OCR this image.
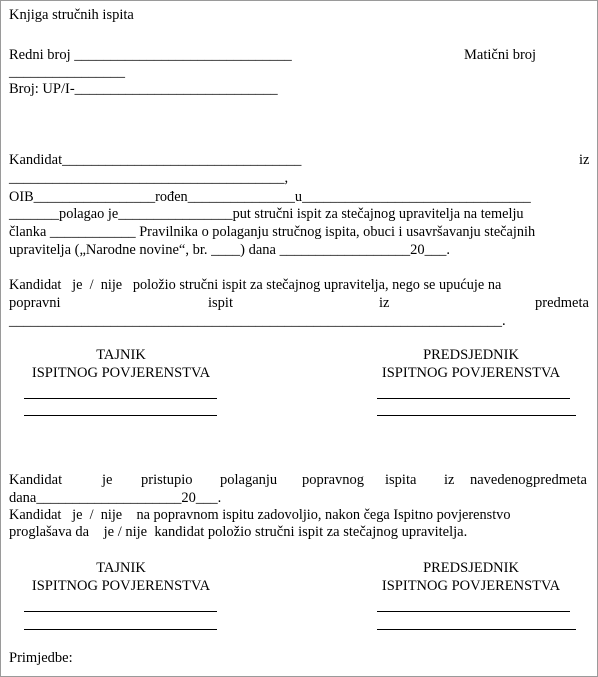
Knjiga stručnih ispita
Redni broj ______________________________	Matični broj
________________
Broj: UP/I-____________________________
Kandidat_________________________________	iz
______________________________________,
OIB_________________rođen_______________u________________________________
_______polagao je________________put stručni ispit za stečajnog upravitelja na temelju
članka ____________ Pravilnika o polaganju stručnog ispita, obuci i usavršavanju stečajnih
upravitelja („Narodne novine“, br. ____) dana __________________20___.
Kandidat   je  /  nije   položio stručni ispit za stečajnog upravitelja, nego se upućuje na
popravni	ispit	iz	predmeta
____________________________________________________________________.
TAJNIK
ISPITNOG POVJERENSTVA
PREDSJEDNIK
ISPITNOG POVJERENSTVA
Kandidat	je pristupio polaganju popravnog ispita iz navedenog predmeta
dana____________________20___.
Kandidat   je  /  nije    na popravnom ispitu zadovoljio, nakon čega Ispitno povjerenstvo
proglašava da    je / nije  kandidat položio stručni ispit za stečajnog upravitelja.
TAJNIK
ISPITNOG POVJERENSTVA
PREDSJEDNIK
ISPITNOG POVJERENSTVA
Primjedbe:
